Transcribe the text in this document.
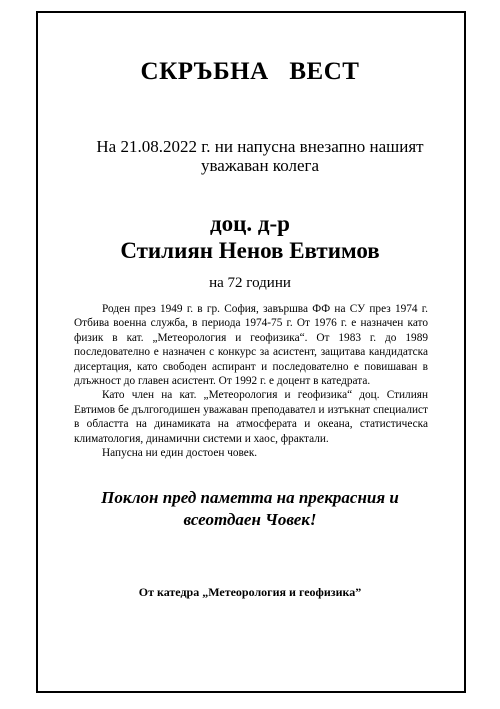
СКРЪБНА ВЕСТ
На 21.08.2022 г. ни напусна внезапно нашият
уважаван колега
доц. д-р
Стилиян Ненов Евтимов
на 72 години

Роден през 1949 г. в гр. София, завършва ФФ на СУ през 1974 г. Отбива военна служба, в периода 1974-75 г. От 1976 г. е назначен като физик в кат. „Метеорология и геофизика“. От 1983 г. до 1989 последователно е назначен с конкурс за асистент, защитава кандидатска дисертация, като свободен аспирант и последователно е повишаван в длъжност до главен асистент. От 1992 г. е доцент в катедрата.

Като член на кат. „Метеорология и геофизика“ доц. Стилиян Евтимов бе дългогодишен уважаван преподавател и изтъкнат специалист в областта на динамиката на атмосферата и океана, статистическа климатология, динамични системи и хаос, фрактали.

Напусна ни един достоен човек.

Поклон пред паметта на прекрасния и
всеотдаен Човек!
От катедра „Метеорология и геофизика”
